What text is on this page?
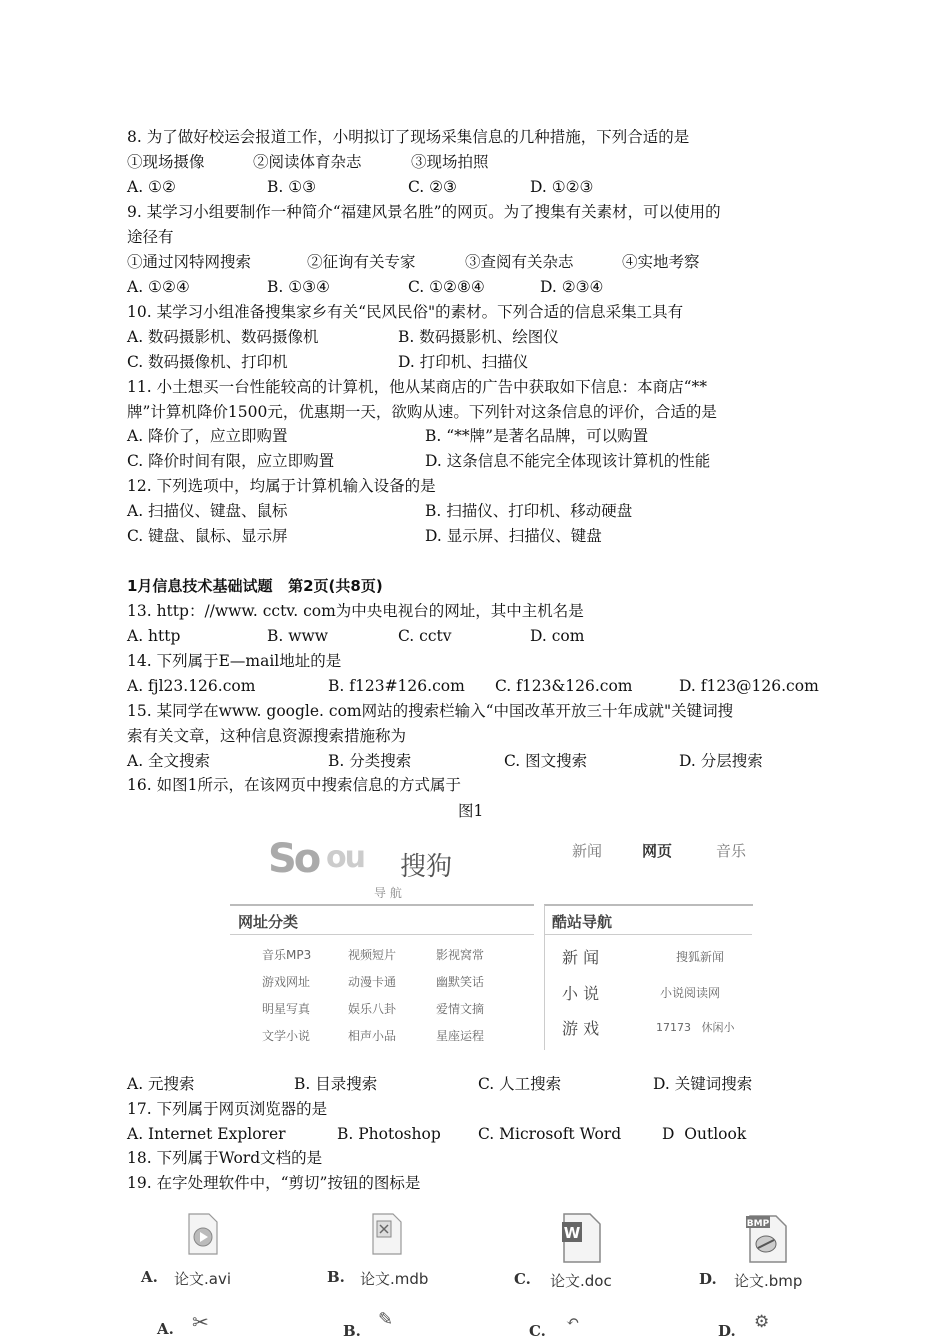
8. 为了做好校运会报道工作，小明拟订了现场采集信息的几种措施，下列合适的是
①现场摄像	②阅读体育杂志	③现场拍照
A. ①②	B. ①③	C. ②③	D. ①②③
9. 某学习小组要制作一种简介“福建风景名胜”的网页。为了搜集有关素材，可以使用的
途径有
①通过冈特网搜索	②征询有关专家	③查阅有关杂志	④实地考察
A. ①②④	B. ①③④	C. ①②⑧④	D. ②③④
10. 某学习小组准备搜集家乡有关“民风民俗"的素材。下列合适的信息采集工具有
A. 数码摄影机、数码摄像机	B. 数码摄影机、绘图仪
C. 数码摄像机、打印机	D. 打印机、扫描仪
11. 小土想买一台性能较高的计算机，他从某商店的广告中获取如下信息：本商店“**
牌”计算机降价1500元，优惠期一天，欲购从速。下列针对这条信息的评价，合适的是
A. 降价了，应立即购置	B. “**牌”是著名品牌，可以购置
C. 降价时间有限，应立即购置	D. 这条信息不能完全体现该计算机的性能
12. 下列选项中，均属于计算机输入设备的是
A. 扫描仪、键盘、鼠标	B. 扫描仪、打印机、移动硬盘
C. 键盘、鼠标、显示屏	D. 显示屏、扫描仪、键盘
1月信息技术基础试题   第2页(共8页)
13. http：//www. cctv. com为中央电视台的网址，其中主机名是
A. http	B. www	C. cctv	D. com
14. 下列属于E—mail地址的是
A. fjl23.126.com	B. f123#126.com C. f123&126.com	D. f123@126.com
15. 某同学在www. google. com网站的搜索栏输入“中国改革开放三十年成就"关键词搜
索有关文章，这种信息资源搜索措施称为
A. 全文搜索	B. 分类搜索	C. 图文搜索	D. 分层搜索
16. 如图1所示，在该网页中搜索信息的方式属于
图1
So ou 搜狗
导 航
新闻	网页	音乐
网址分类
音乐MP3	视频短片	影视窝常
游戏网址	动漫卡通	幽默笑话
明星写真	娱乐八卦	爱情文摘
文学小说	相声小品	星座运程
酷站导航
新 闻	搜狐新闻
小 说	小说阅读网
游 戏	17173   休闲小
A. 元搜索	B. 目录搜索	C. 人工搜索	D. 关键词搜索
17. 下列属于网页浏览器的是
A. Internet Explorer	B. Photoshop C. Microsoft Word	D  Outlook
18. 下列属于Word文档的是
19. 在字处理软件中，“剪切”按钮的图标是
A. 论文.avi	B. 论文.mdb
W
C. 论文.doc
BMP
D. 论文.bmp
A. ✂	B.
✎
C. ↶	D. ⚙
